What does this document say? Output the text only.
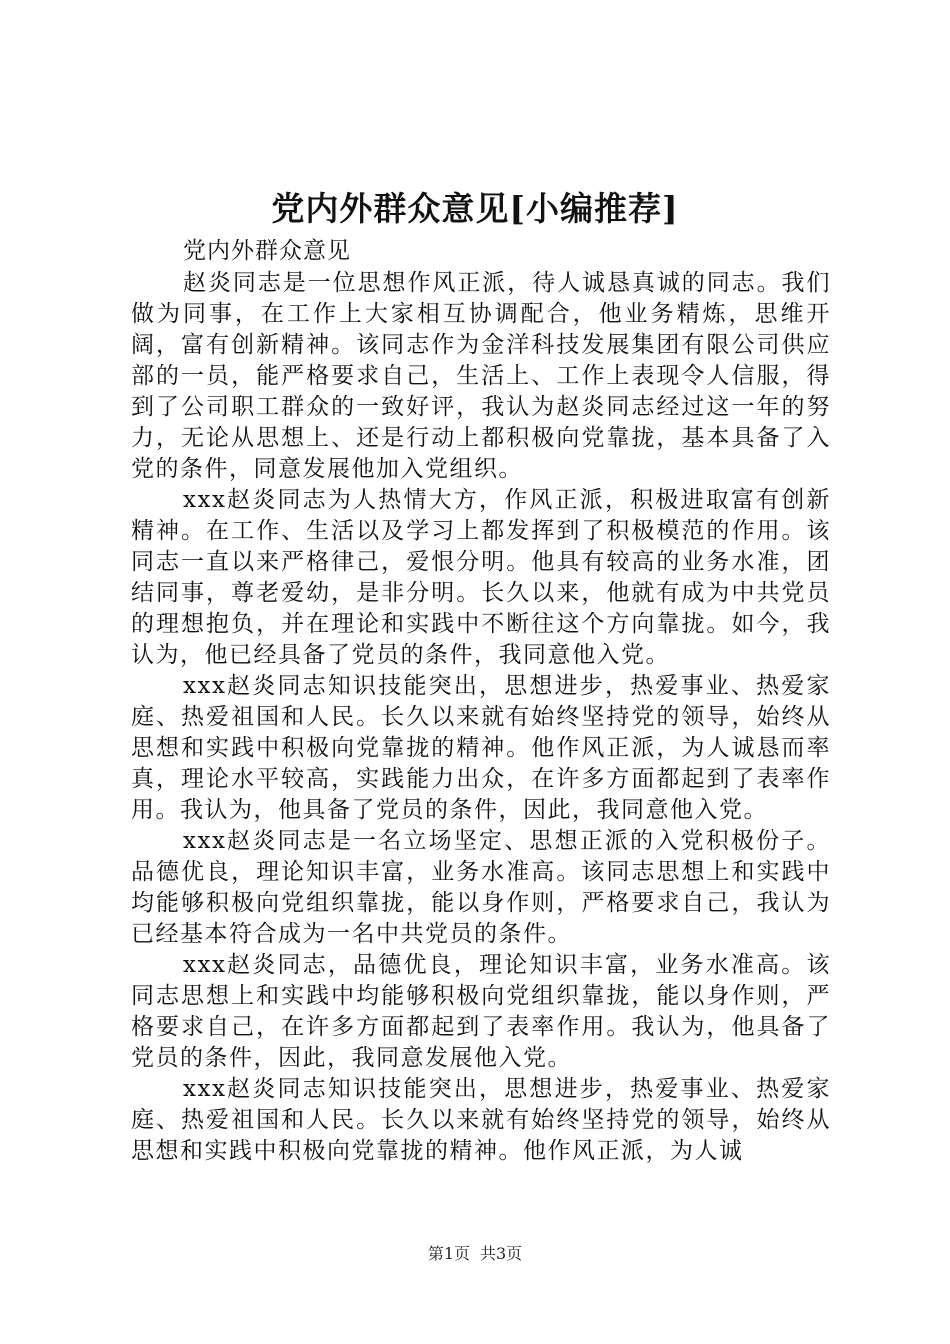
党内外群众意见[小编推荐]

党内外群众意见

赵炎同志是一位思想作风正派，待人诚恳真诚的同志。我们做为同事，在工作上大家相互协调配合，他业务精炼，思维开阔，富有创新精神。该同志作为金洋科技发展集团有限公司供应部的一员，能严格要求自己，生活上、工作上表现令人信服，得到了公司职工群众的一致好评，我认为赵炎同志经过这一年的努力，无论从思想上、还是行动上都积极向党靠拢，基本具备了入党的条件，同意发展他加入党组织。

xxx赵炎同志为人热情大方，作风正派，积极进取富有创新精神。在工作、生活以及学习上都发挥到了积极模范的作用。该同志一直以来严格律己，爱恨分明。他具有较高的业务水准，团结同事，尊老爱幼，是非分明。长久以来，他就有成为中共党员的理想抱负，并在理论和实践中不断往这个方向靠拢。如今，我认为，他已经具备了党员的条件，我同意他入党。

xxx赵炎同志知识技能突出，思想进步，热爱事业、热爱家庭、热爱祖国和人民。长久以来就有始终坚持党的领导，始终从思想和实践中积极向党靠拢的精神。他作风正派，为人诚恳而率真，理论水平较高，实践能力出众，在许多方面都起到了表率作用。我认为，他具备了党员的条件，因此，我同意他入党。

xxx赵炎同志是一名立场坚定、思想正派的入党积极份子。品德优良，理论知识丰富，业务水准高。该同志思想上和实践中均能够积极向党组织靠拢，能以身作则，严格要求自己，我认为已经基本符合成为一名中共党员的条件。

xxx赵炎同志，品德优良，理论知识丰富，业务水准高。该同志思想上和实践中均能够积极向党组织靠拢，能以身作则，严格要求自己，在许多方面都起到了表率作用。我认为，他具备了党员的条件，因此，我同意发展他入党。

xxx赵炎同志知识技能突出，思想进步，热爱事业、热爱家庭、热爱祖国和人民。长久以来就有始终坚持党的领导，始终从思想和实践中积极向党靠拢的精神。他作风正派，为人诚

第1页 共3页
